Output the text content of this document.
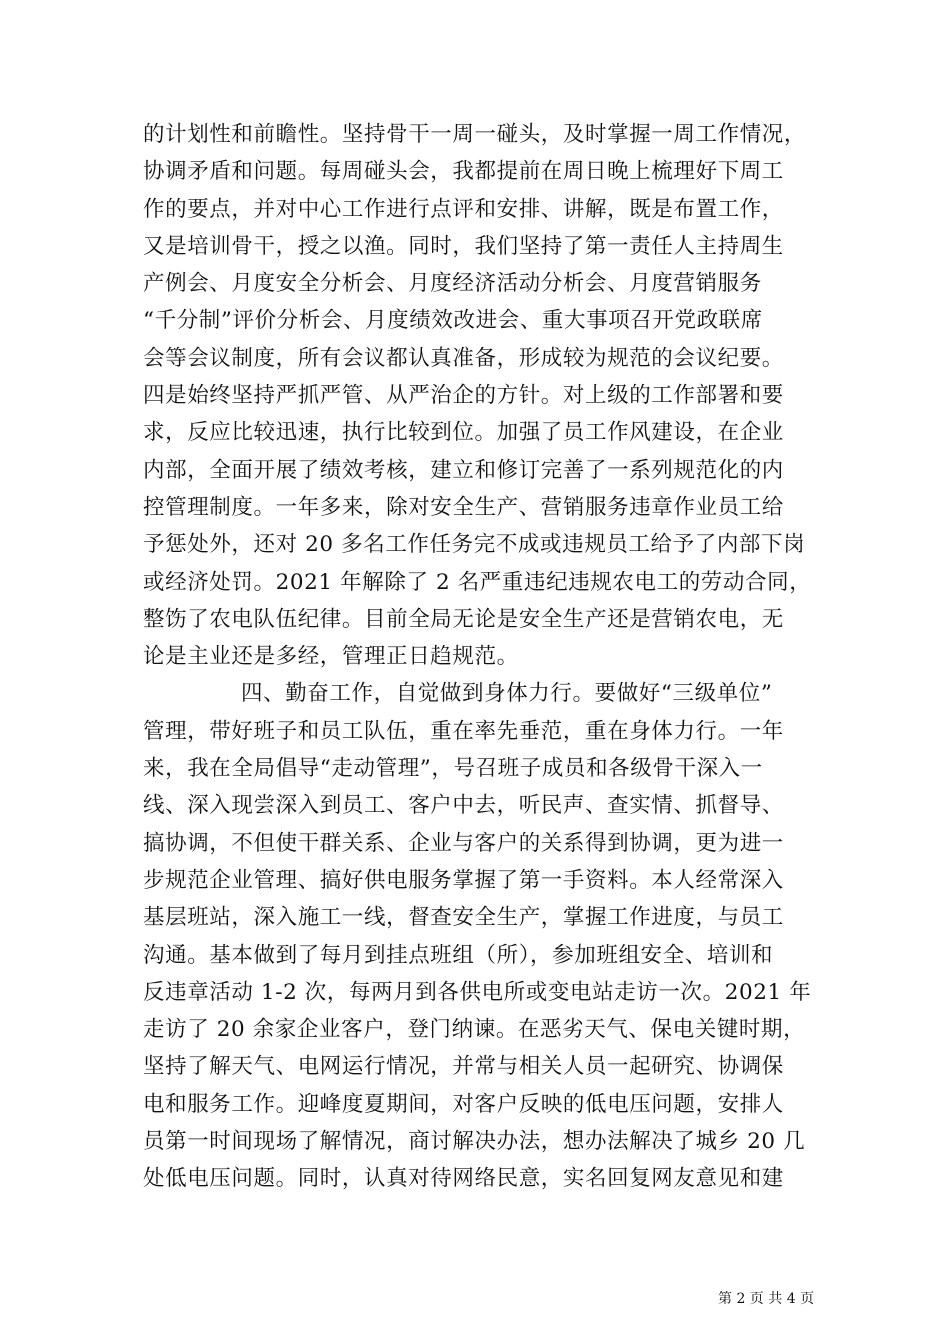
的计划性和前瞻性。坚持骨干一周一碰头，及时掌握一周工作情况，
协调矛盾和问题。每周碰头会，我都提前在周日晚上梳理好下周工
作的要点，并对中心工作进行点评和安排、讲解，既是布置工作，
又是培训骨干，授之以渔。同时，我们坚持了第一责任人主持周生
产例会、月度安全分析会、月度经济活动分析会、月度营销服务
“千分制”评价分析会、月度绩效改进会、重大事项召开党政联席
会等会议制度，所有会议都认真准备，形成较为规范的会议纪要。
四是始终坚持严抓严管、从严治企的方针。对上级的工作部署和要
求，反应比较迅速，执行比较到位。加强了员工作风建设，在企业
内部，全面开展了绩效考核，建立和修订完善了一系列规范化的内
控管理制度。一年多来，除对安全生产、营销服务违章作业员工给
予惩处外，还对 20 多名工作任务完不成或违规员工给予了内部下岗
或经济处罚。2021 年解除了 2 名严重违纪违规农电工的劳动合同，
整饬了农电队伍纪律。目前全局无论是安全生产还是营销农电，无
论是主业还是多经，管理正日趋规范。
四、勤奋工作，自觉做到身体力行。要做好“三级单位”
管理，带好班子和员工队伍，重在率先垂范，重在身体力行。一年
来，我在全局倡导“走动管理”，号召班子成员和各级骨干深入一
线、深入现尝深入到员工、客户中去，听民声、查实情、抓督导、
搞协调，不但使干群关系、企业与客户的关系得到协调，更为进一
步规范企业管理、搞好供电服务掌握了第一手资料。本人经常深入
基层班站，深入施工一线，督查安全生产，掌握工作进度，与员工
沟通。基本做到了每月到挂点班组（所），参加班组安全、培训和
反违章活动 1-2 次，每两月到各供电所或变电站走访一次。2021 年
走访了 20 余家企业客户，登门纳谏。在恶劣天气、保电关键时期，
坚持了解天气、电网运行情况，并常与相关人员一起研究、协调保
电和服务工作。迎峰度夏期间，对客户反映的低电压问题，安排人
员第一时间现场了解情况，商讨解决办法，想办法解决了城乡 20 几
处低电压问题。同时，认真对待网络民意，实名回复网友意见和建
第 2 页 共 4 页
